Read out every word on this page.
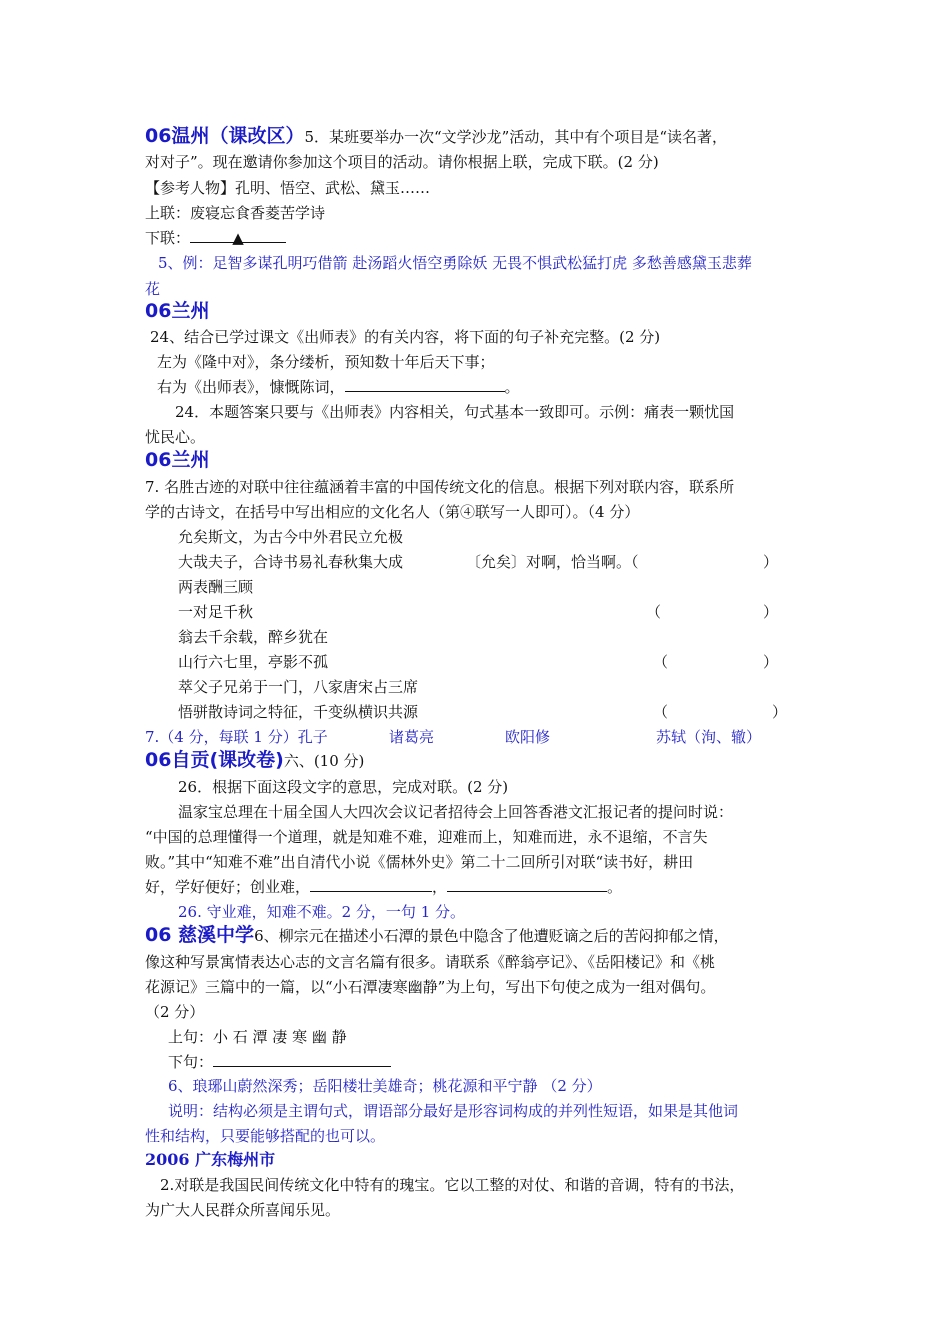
06温州（课改区）5．某班要举办一次“文学沙龙”活动，其中有个项目是“读名著，
对对子”。现在邀请你参加这个项目的活动。请你根据上联，完成下联。(2 分)
【参考人物】孔明、悟空、武松、黛玉……
上联：废寝忘食香菱苦学诗
下联：	▲
5、例：足智多谋孔明巧借箭 赴汤蹈火悟空勇除妖 无畏不惧武松猛打虎 多愁善感黛玉悲葬
花
06兰州
24、结合已学过课文《出师表》的有关内容，将下面的句子补充完整。(2 分)
左为《隆中对》，条分缕析，预知数十年后天下事；
右为《出师表》，慷慨陈词，	。
24．本题答案只要与《出师表》内容相关，句式基本一致即可。示例：痛表一颗忧国
忧民心。
06兰州
7. 名胜古迹的对联中往往蕴涵着丰富的中国传统文化的信息。根据下列对联内容，联系所
学的古诗文，在括号中写出相应的文化名人（第④联写一人即可）。（4 分）
允矣斯文，为古今中外君民立允极
大哉夫子，合诗书易礼春秋集大成	〔允矣〕对啊，恰当啊。（	）
两表酬三顾
一对足千秋	（	）
翁去千余载，醉乡犹在
山行六七里，亭影不孤	（	）
萃父子兄弟于一门，八家唐宋占三席
悟骈散诗词之特征，千变纵横识共源	（	）
7.（4 分，每联 1 分）孔子	诸葛亮	欧阳修	苏轼（洵、辙）
06自贡(课改卷)六、(10 分)
26．根据下面这段文字的意思，完成对联。(2 分)
温家宝总理在十届全国人大四次会议记者招待会上回答香港文汇报记者的提问时说：
“中国的总理懂得一个道理，就是知难不难，迎难而上，知难而进，永不退缩，不言失
败。”其中“知难不难”出自清代小说《儒林外史》第二十二回所引对联“读书好，耕田
好，学好便好；创业难，	，	。
26. 守业难，知难不难。2 分，一句 1 分。
06 慈溪中学6、柳宗元在描述小石潭的景色中隐含了他遭贬谪之后的苦闷抑郁之情，
像这种写景寓情表达心志的文言名篇有很多。请联系《醉翁亭记》、《岳阳楼记》和《桃
花源记》三篇中的一篇，以“小石潭凄寒幽静”为上句，写出下句使之成为一组对偶句。
（2 分）
上句：小 石 潭 凄 寒 幽 静
下句：
6、琅琊山蔚然深秀；岳阳楼壮美雄奇；桃花源和平宁静 （2 分）
说明：结构必须是主谓句式，谓语部分最好是形容词构成的并列性短语，如果是其他词
性和结构，只要能够搭配的也可以。
2006 广东梅州市
2.对联是我国民间传统文化中特有的瑰宝。它以工整的对仗、和谐的音调，特有的书法，
为广大人民群众所喜闻乐见。
